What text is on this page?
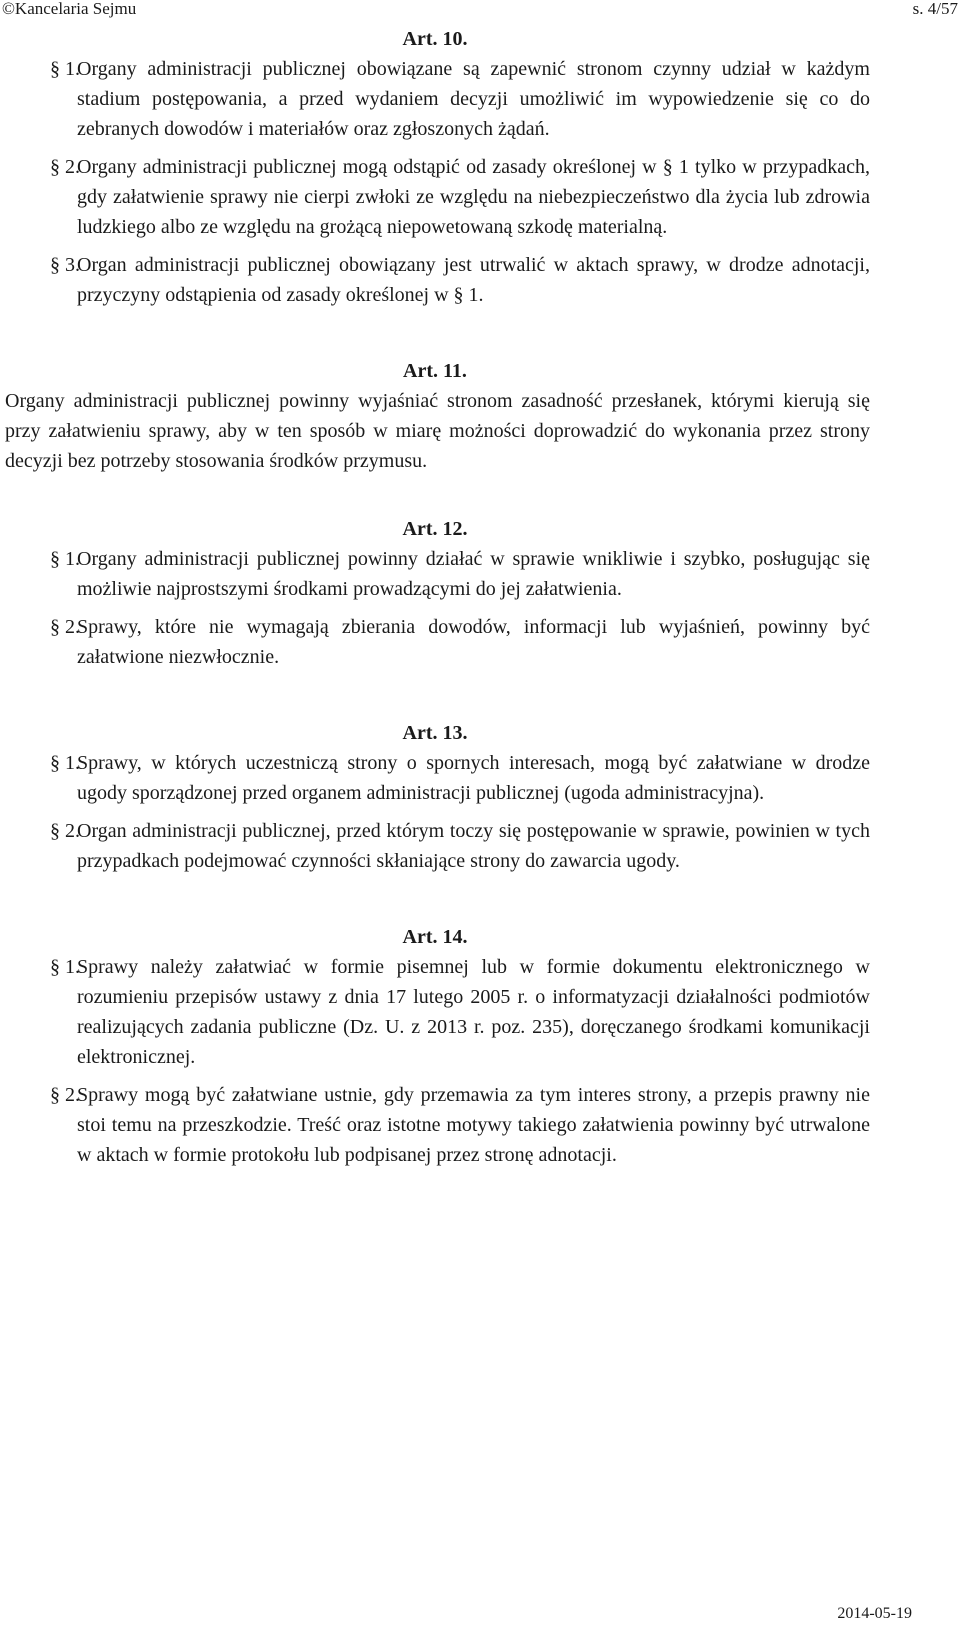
©Kancelaria Sejmu	s. 4/57
Art. 10.
§ 1.
Organy administracji publicznej obowiązane są zapewnić stronom czynny udział w każdym stadium postępowania, a przed wydaniem decyzji umożliwić im wypowiedzenie się co do zebranych dowodów i materiałów oraz zgłoszonych żądań.
§ 2.
Organy administracji publicznej mogą odstąpić od zasady określonej w § 1 tylko w przypadkach, gdy załatwienie sprawy nie cierpi zwłoki ze względu na niebezpieczeństwo dla życia lub zdrowia ludzkiego albo ze względu na grożącą niepowetowaną szkodę materialną.
§ 3.
Organ administracji publicznej obowiązany jest utrwalić w aktach sprawy, w drodze adnotacji, przyczyny odstąpienia od zasady określonej w § 1.
Art. 11.

Organy administracji publicznej powinny wyjaśniać stronom zasadność przesłanek, którymi kierują się przy załatwieniu sprawy, aby w ten sposób w miarę możności doprowadzić do wykonania przez strony decyzji bez potrzeby stosowania środków przymusu.

Art. 12.
§ 1.
Organy administracji publicznej powinny działać w sprawie wnikliwie i szybko, posługując się możliwie najprostszymi środkami prowadzącymi do jej załatwienia.
§ 2.
Sprawy, które nie wymagają zbierania dowodów, informacji lub wyjaśnień, powinny być załatwione niezwłocznie.
Art. 13.
§ 1.
Sprawy, w których uczestniczą strony o spornych interesach, mogą być załatwiane w drodze ugody sporządzonej przed organem administracji publicznej (ugoda administracyjna).
§ 2.
Organ administracji publicznej, przed którym toczy się postępowanie w sprawie, powinien w tych przypadkach podejmować czynności skłaniające strony do zawarcia ugody.
Art. 14.
§ 1.
Sprawy należy załatwiać w formie pisemnej lub w formie dokumentu elektronicznego w rozumieniu przepisów ustawy z dnia 17 lutego 2005 r. o informatyzacji działalności podmiotów realizujących zadania publiczne (Dz. U. z 2013 r. poz. 235), doręczanego środkami komunikacji elektronicznej.
§ 2.
Sprawy mogą być załatwiane ustnie, gdy przemawia za tym interes strony, a przepis prawny nie stoi temu na przeszkodzie. Treść oraz istotne motywy takiego załatwienia powinny być utrwalone w aktach w formie protokołu lub podpisanej przez stronę adnotacji.
2014-05-19
